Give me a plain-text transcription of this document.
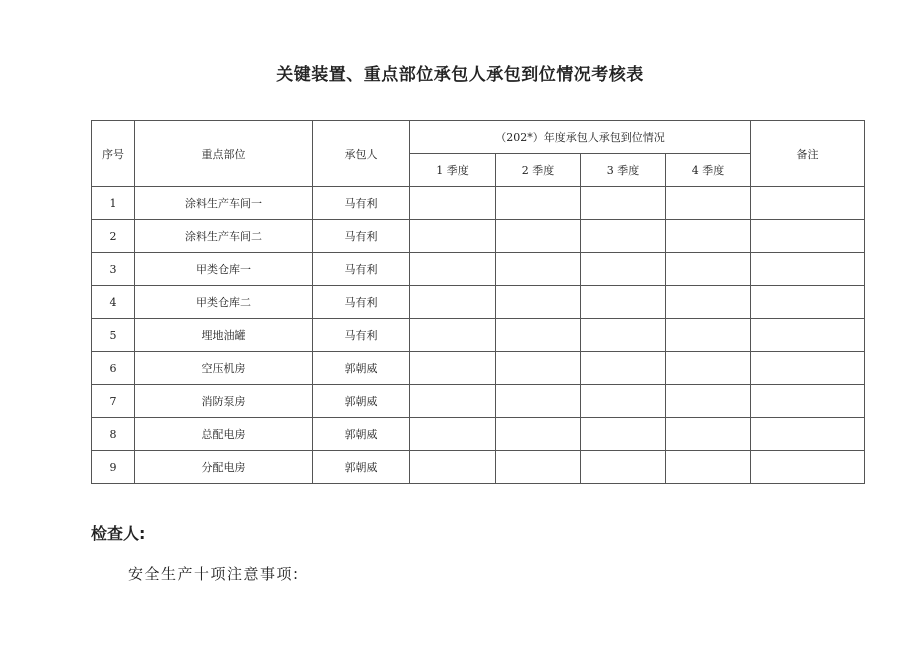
关键装置、重点部位承包人承包到位情况考核表
序号	重点部位	承包人	（202*）年度承包人承包到位情况				备注
			1 季度	2 季度	3 季度	4 季度	
1	涂料生产车间一	马有利					
2	涂料生产车间二	马有利					
3	甲类仓库一	马有利					
4	甲类仓库二	马有利					
5	埋地油罐	马有利					
6	空压机房	郭朝威					
7	消防泵房	郭朝威					
8	总配电房	郭朝威					
9	分配电房	郭朝威					
检查人:
安全生产十项注意事项:
